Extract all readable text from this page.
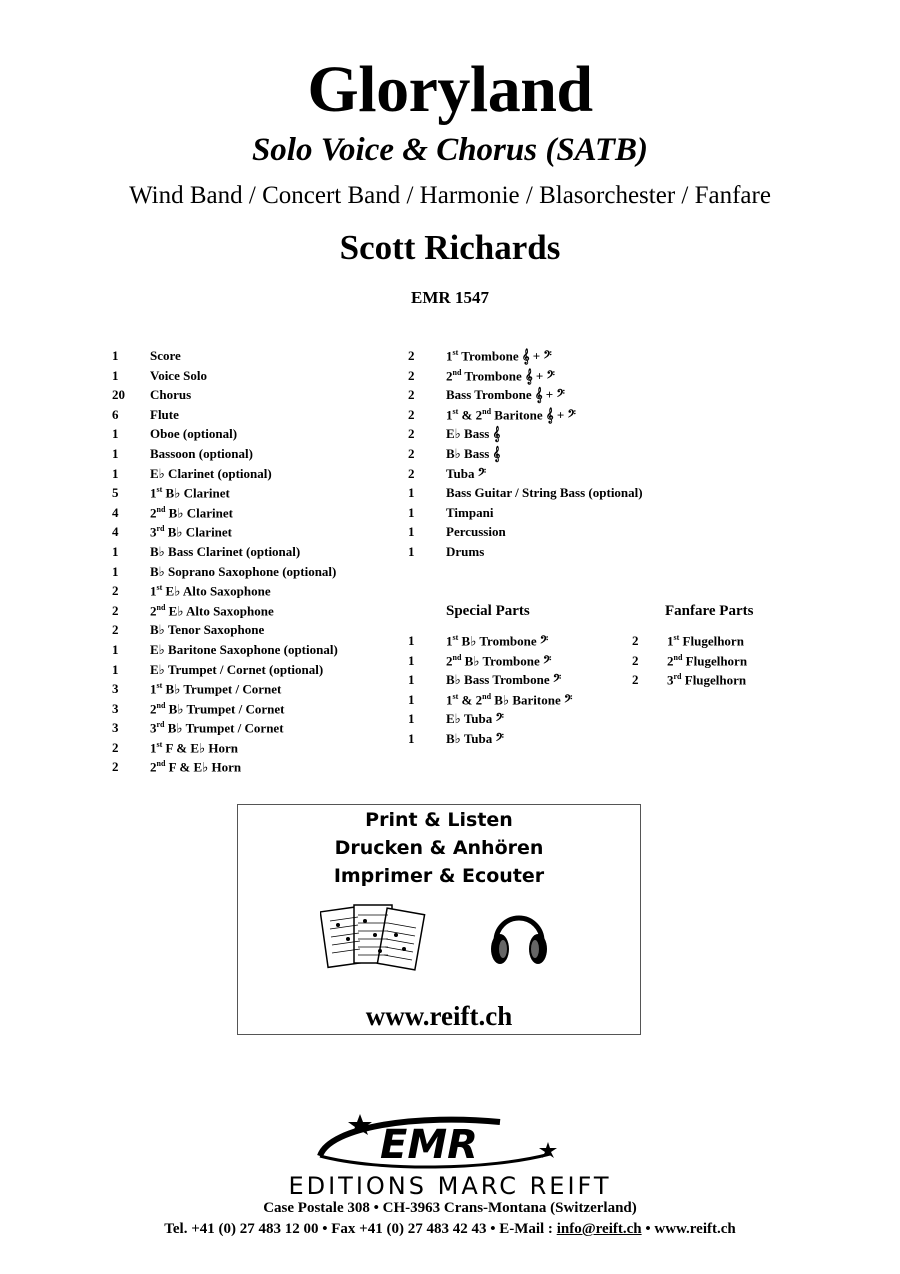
Gloryland
Solo Voice & Chorus (SATB)
Wind Band / Concert Band / Harmonie / Blasorchester / Fanfare
Scott Richards
EMR 1547
1 Score
1 Voice Solo
20 Chorus
6 Flute
1 Oboe (optional)
1 Bassoon (optional)
1 E♭ Clarinet (optional)
5 1st B♭ Clarinet
4 2nd B♭ Clarinet
4 3rd B♭ Clarinet
1 B♭ Bass Clarinet (optional)
1 B♭ Soprano Saxophone (optional)
2 1st E♭ Alto Saxophone
2 2nd E♭ Alto Saxophone
2 B♭ Tenor Saxophone
1 E♭ Baritone Saxophone (optional)
1 E♭ Trumpet / Cornet (optional)
3 1st B♭ Trumpet / Cornet
3 2nd B♭ Trumpet / Cornet
3 3rd B♭ Trumpet / Cornet
2 1st F & E♭ Horn
2 2nd F & E♭ Horn
2 1st Trombone 𝄞 + 𝄢
2 2nd Trombone 𝄞 + 𝄢
2 Bass Trombone 𝄞 + 𝄢
2 1st & 2nd Baritone 𝄞 + 𝄢
2 E♭ Bass 𝄞
2 B♭ Bass 𝄞
2 Tuba 𝄢
1 Bass Guitar / String Bass (optional)
1 Timpani
1 Percussion
1 Drums
Special Parts	Fanfare Parts
1 1st B♭ Trombone 𝄢
1 2nd B♭ Trombone 𝄢
1 B♭ Bass Trombone 𝄢
1 1st & 2nd B♭ Baritone 𝄢
1 E♭ Tuba 𝄢
1 B♭ Tuba 𝄢
2 1st Flugelhorn
2 2nd Flugelhorn
2 3rd Flugelhorn
Print & Listen
Drucken & Anhören
Imprimer & Ecouter
www.reift.ch
EMR
EDITIONS MARC REIFT
Case Postale 308 • CH-3963 Crans-Montana (Switzerland)
Tel. +41 (0) 27 483 12 00 • Fax +41 (0) 27 483 42 43 • E-Mail : info@reift.ch • www.reift.ch
